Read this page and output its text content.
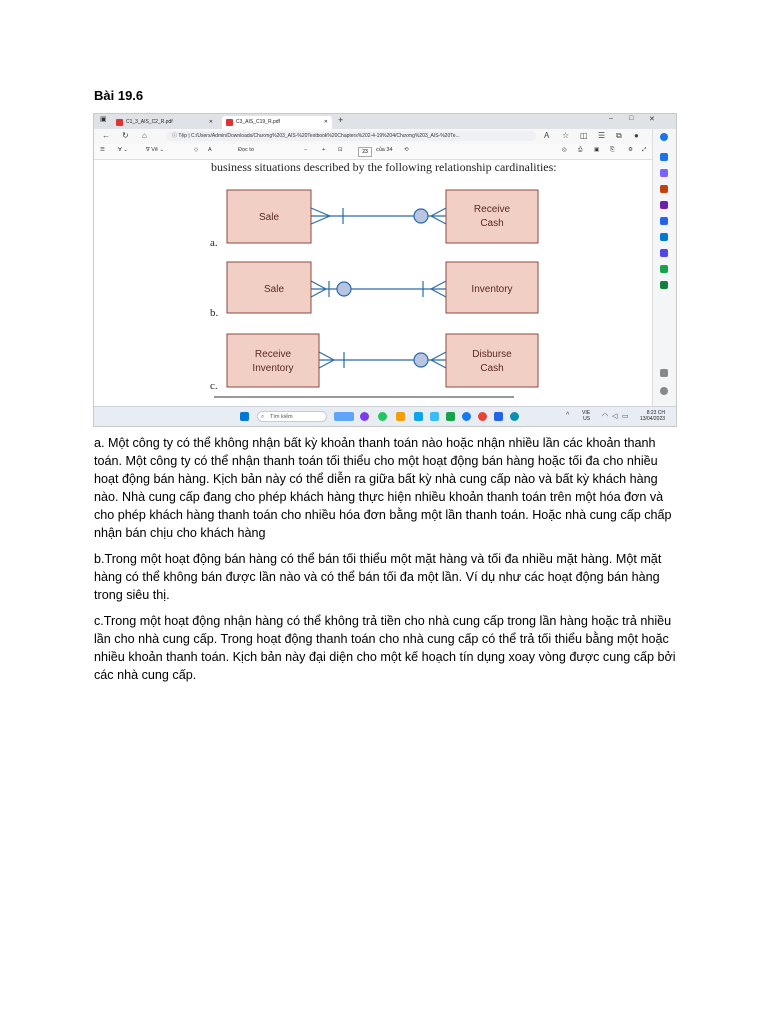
Bài 19.6
▣	C1_3_AIS_C2_R.pdf	✕	C3_AIS_C19_R.pdf	✕ +	– □ ✕
← ↻ ⌂	ⓘ Tệp | C:/Users/Admin/Downloads/Chương%203_AIS-%20Textbook%20Chapters%202-4-19%204/Chương%203_AIS-%20Te...	A ☆ ◫ ☰ ⧉ ●
☰ ∀ ⌄	∇ Vẽ ⌄	◇ A	Đọc to	−	+ ⊡	23	của 34 ⟲	◎ ⎙ ▣ ⎘ ⚙ ⤢
business situations described by the following relationship cardinalities:
Sale
Receive
Cash
a.
Sale	Inventory
b.
Receive
Inventory
Disburse
Cash
c.
⌕ Tìm kiếm	^	VIE
US ◠ ◁ ▭	8:23 CH
13/04/2023

a. Một công ty có thể không nhận bất kỳ khoản thanh toán nào hoặc nhận nhiều lần các khoản thanh toán. Một công ty có thể nhận thanh toán tối thiểu cho một hoạt động bán hàng hoặc tối đa cho nhiều hoạt động bán hàng. Kịch bản này có thể diễn ra giữa bất kỳ nhà cung cấp nào và bất kỳ khách hàng nào. Nhà cung cấp đang cho phép khách hàng thực hiện nhiều khoản thanh toán trên một hóa đơn và cho phép khách hàng thanh toán cho nhiều hóa đơn bằng một lần thanh toán. Hoặc nhà cung cấp chấp nhận bán chịu cho khách hàng

b.Trong một hoạt động bán hàng có thể bán tối thiểu một mặt hàng và tối đa nhiều mặt hàng. Một mặt hàng có thể không bán được lần nào và có thể bán tối đa một lần. Ví dụ như các hoạt động bán hàng trong siêu thị.

c.Trong một hoạt động nhận hàng có thể không trả tiền cho nhà cung cấp trong lần hàng hoặc trả nhiều lần cho nhà cung cấp. Trong hoạt động thanh toán cho nhà cung cấp có thể trả tối thiểu bằng một hoặc nhiều khoản thanh toán. Kịch bản này đại diện cho một kế hoạch tín dụng xoay vòng được cung cấp bởi các nhà cung cấp.
